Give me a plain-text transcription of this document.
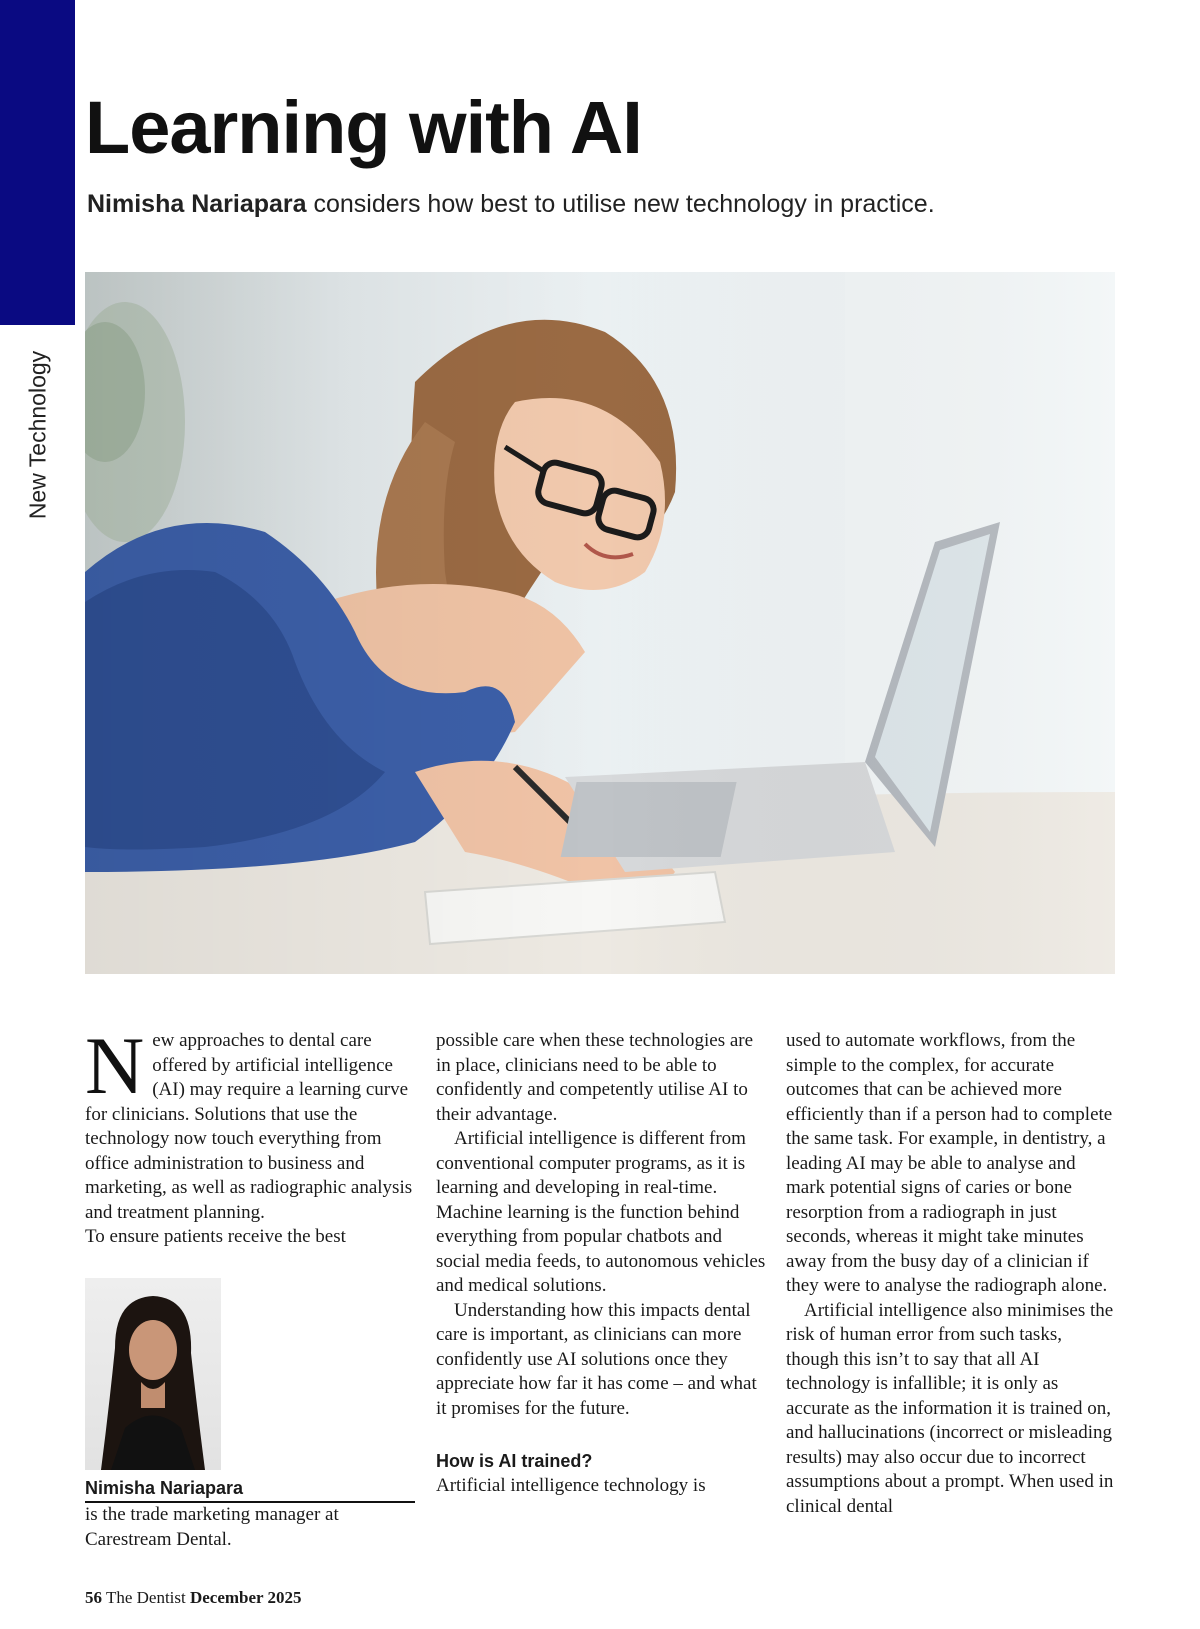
New Technology
Learning with AI
Nimisha Nariapara considers how best to utilise new technology in practice.
N ew approaches to dental care offered by artificial intelligence (AI) may require a learning curve for clinicians. Solutions that use the technology now touch everything from office administration to business and marketing, as well as radiographic analysis and treatment planning.

To ensure patients receive the best

Nimisha Nariapara
is the trade marketing manager at Carestream Dental.

possible care when these technologies are in place, clinicians need to be able to confidently and competently utilise AI to their advantage.

Artificial intelligence is different from conventional computer programs, as it is learning and developing in real-time. Machine learning is the function behind everything from popular chatbots and social media feeds, to autonomous vehicles and medical solutions.

Understanding how this impacts dental care is important, as clinicians can more confidently use AI solutions once they appreciate how far it has come – and what it promises for the future.

How is AI trained?

Artificial intelligence technology is

used to automate workflows, from the simple to the complex, for accurate outcomes that can be achieved more efficiently than if a person had to complete the same task. For example, in dentistry, a leading AI may be able to analyse and mark potential signs of caries or bone resorption from a radiograph in just seconds, whereas it might take minutes away from the busy day of a clinician if they were to analyse the radiograph alone.

Artificial intelligence also minimises the risk of human error from such tasks, though this isn’t to say that all AI technology is infallible; it is only as accurate as the information it is trained on, and hallucinations (incorrect or misleading results) may also occur due to incorrect assumptions about a prompt. When used in clinical dental

56 The Dentist December 2025
